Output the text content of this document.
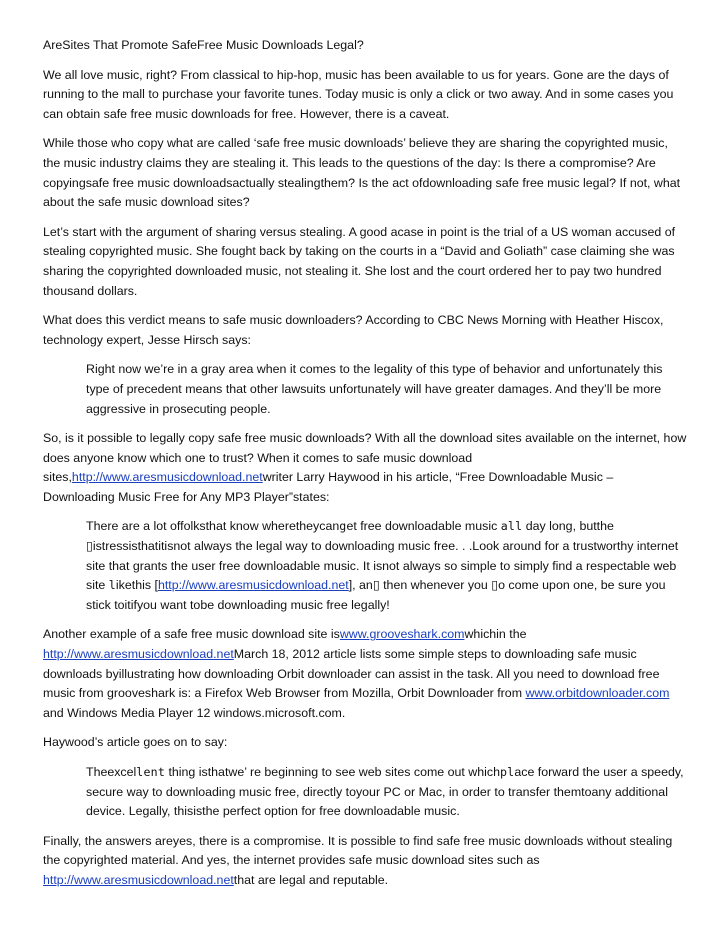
AreSites That Promote SafeFree Music Downloads Legal?

We all love music, right? From classical to hip-hop, music has been available to us for years. Gone are the days of running to the mall to purchase your favorite tunes. Today music is only a click or two away. And in some cases you can obtain safe free music downloads for free. However, there is a caveat.

While those who copy what are called ‘safe free music downloads’ believe they are sharing the copyrighted music, the music industry claims they are stealing it. This leads to the questions of the day: Is there a compromise? Are copyingsafe free music downloadsactually stealingthem? Is the act ofdownloading safe free music legal? If not, what about the safe music download sites?

Let’s start with the argument of sharing versus stealing. A good acase in point is the trial of a US woman accused of stealing copyrighted music. She fought back by taking on the courts in a “David and Goliath” case claiming she was sharing the copyrighted downloaded music, not stealing it. She lost and the court ordered her to pay two hundred thousand dollars.

What does this verdict means to safe music downloaders? According to CBC News Morning with Heather Hiscox, technology expert, Jesse Hirsch says:

Right now we’re in a gray area when it comes to the legality of this type of behavior and unfortunately this type of precedent means that other lawsuits unfortunately will have greater damages. And they’ll be more aggressive in prosecuting people.

So, is it possible to legally copy safe free music downloads? With all the download sites available on the internet, how does anyone know which one to trust? When it comes to safe music download sites,http://www.aresmusicdownload.netwriter Larry Haywood in his article, “Free Downloadable Music – Downloading Music Free for Any MP3 Player”states:

There are a lot offolksthat know wheretheycanget free downloadable music all day long, butthe ▯istressisthatitisnot always the legal way to downloading music free. . .Look around for a trustworthy internet site that grants the user free downloadable music. It isnot always so simple to simply find a respectable web site likethis [http://www.aresmusicdownload.net], an▯ then whenever you ▯o come upon one, be sure you stick toitifyou want tobe downloading music free legally!

Another example of a safe free music download site iswww.grooveshark.comwhichin the http://www.aresmusicdownload.netMarch 18, 2012 article lists some simple steps to downloading safe music downloads byillustrating how downloading Orbit downloader can assist in the task. All you need to download free music from grooveshark is: a Firefox Web Browser from Mozilla, Orbit Downloader from www.orbitdownloader.com and Windows Media Player 12 windows.microsoft.com.

Haywood’s article goes on to say:

Theexcellent thing isthatwe’ re beginning to see web sites come out whichplace forward the user a speedy, secure way to downloading music free, directly toyour PC or Mac, in order to transfer themtoany additional device. Legally, thisisthe perfect option for free downloadable music.

Finally, the answers areyes, there is a compromise. It is possible to find safe free music downloads without stealing the copyrighted material. And yes, the internet provides safe music download sites such as http://www.aresmusicdownload.netthat are legal and reputable.
